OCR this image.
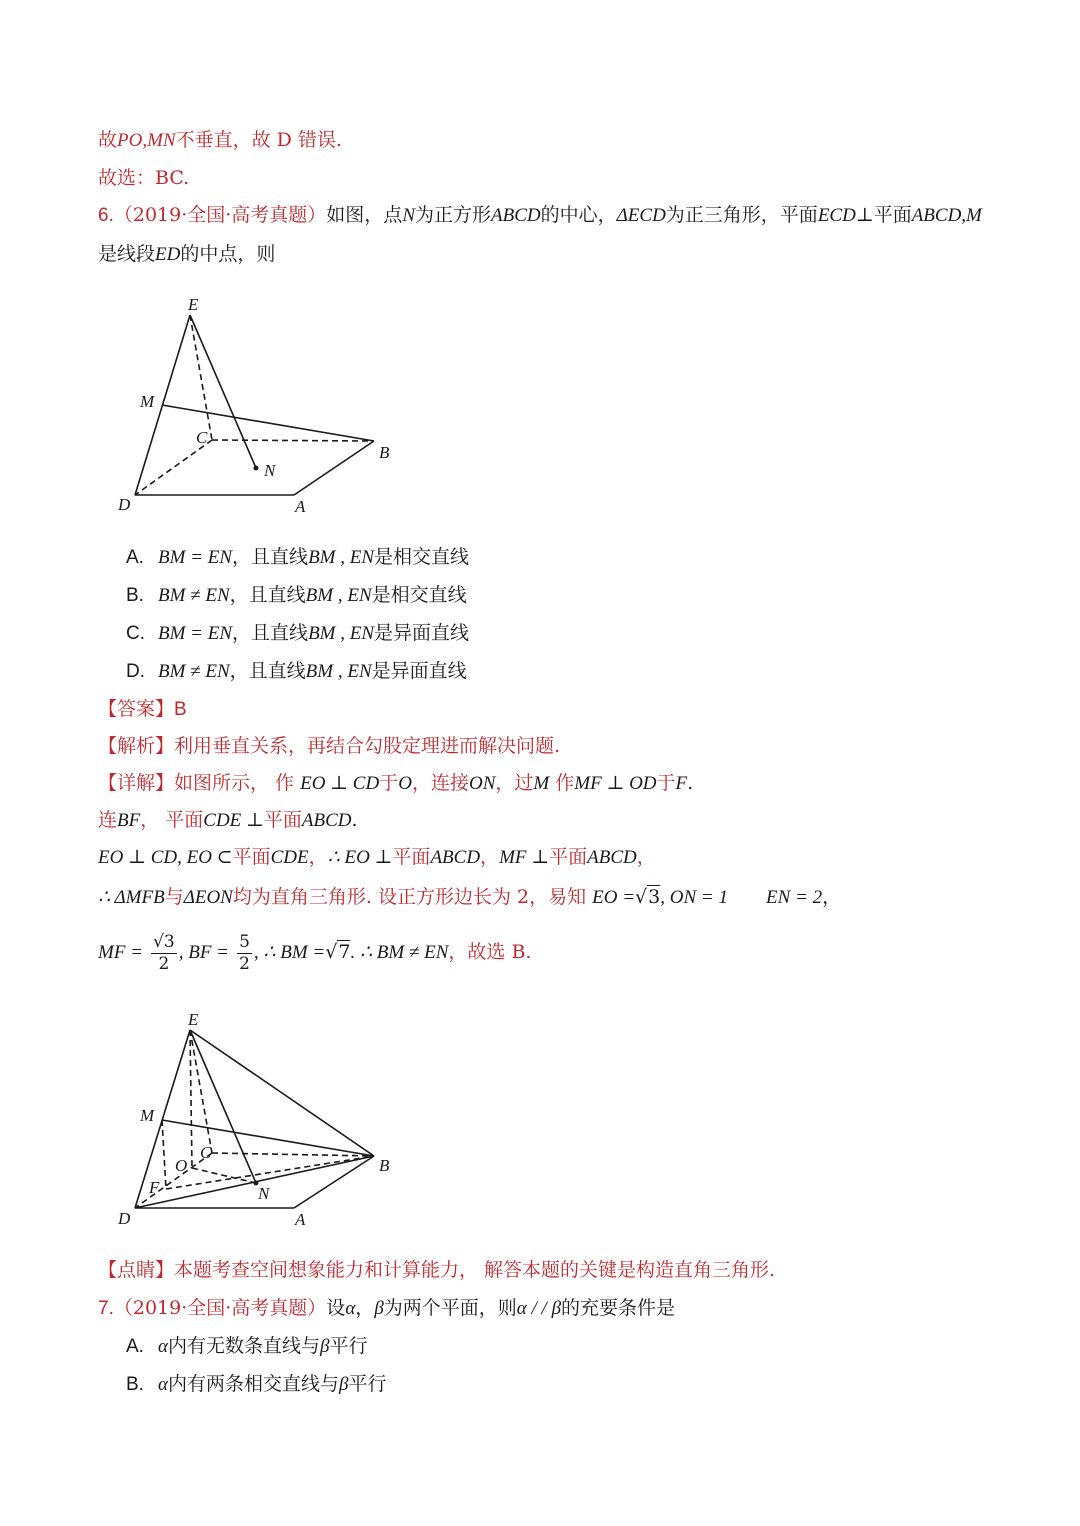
故PO,MN不垂直，故 D 错误.
故选：BC.
6.（2019·全国·高考真题）如图，点N为正方形ABCD的中心，ΔECD为正三角形，平面ECD⊥平面ABCD,M
是线段ED的中点，则
E
M
C
B
N
D	A
A. BM = EN，且直线BM , EN是相交直线
B. BM ≠ EN，且直线BM , EN是相交直线
C. BM = EN，且直线BM , EN是异面直线
D. BM ≠ EN，且直线BM , EN是异面直线
【答案】B
【解析】利用垂直关系，再结合勾股定理进而解决问题.
【详解】如图所示， 作 EO ⊥ CD于O，连接ON，过M 作MF ⊥ OD于F.
连BF， 平面CDE ⊥平面ABCD.
EO ⊥ CD, EO ⊂平面CDE，∴ EO ⊥平面ABCD，MF ⊥平面ABCD，
∴ ΔMFB与ΔEON均为直角三角形. 设正方形边长为 2，易知 EO =√3, ON = 1 EN = 2，
MF = $\frac{√3}{2}$ , BF = $\frac{5}{2}$ , ∴ BM =√7. ∴ BM ≠ EN，故选 B.
E
M
C
O	B
F	N
D	A
【点睛】本题考查空间想象能力和计算能力， 解答本题的关键是构造直角三角形.
7.（2019·全国·高考真题）设α，β为两个平面，则α / / β的充要条件是
A. α内有无数条直线与β平行
B. α内有两条相交直线与β平行
